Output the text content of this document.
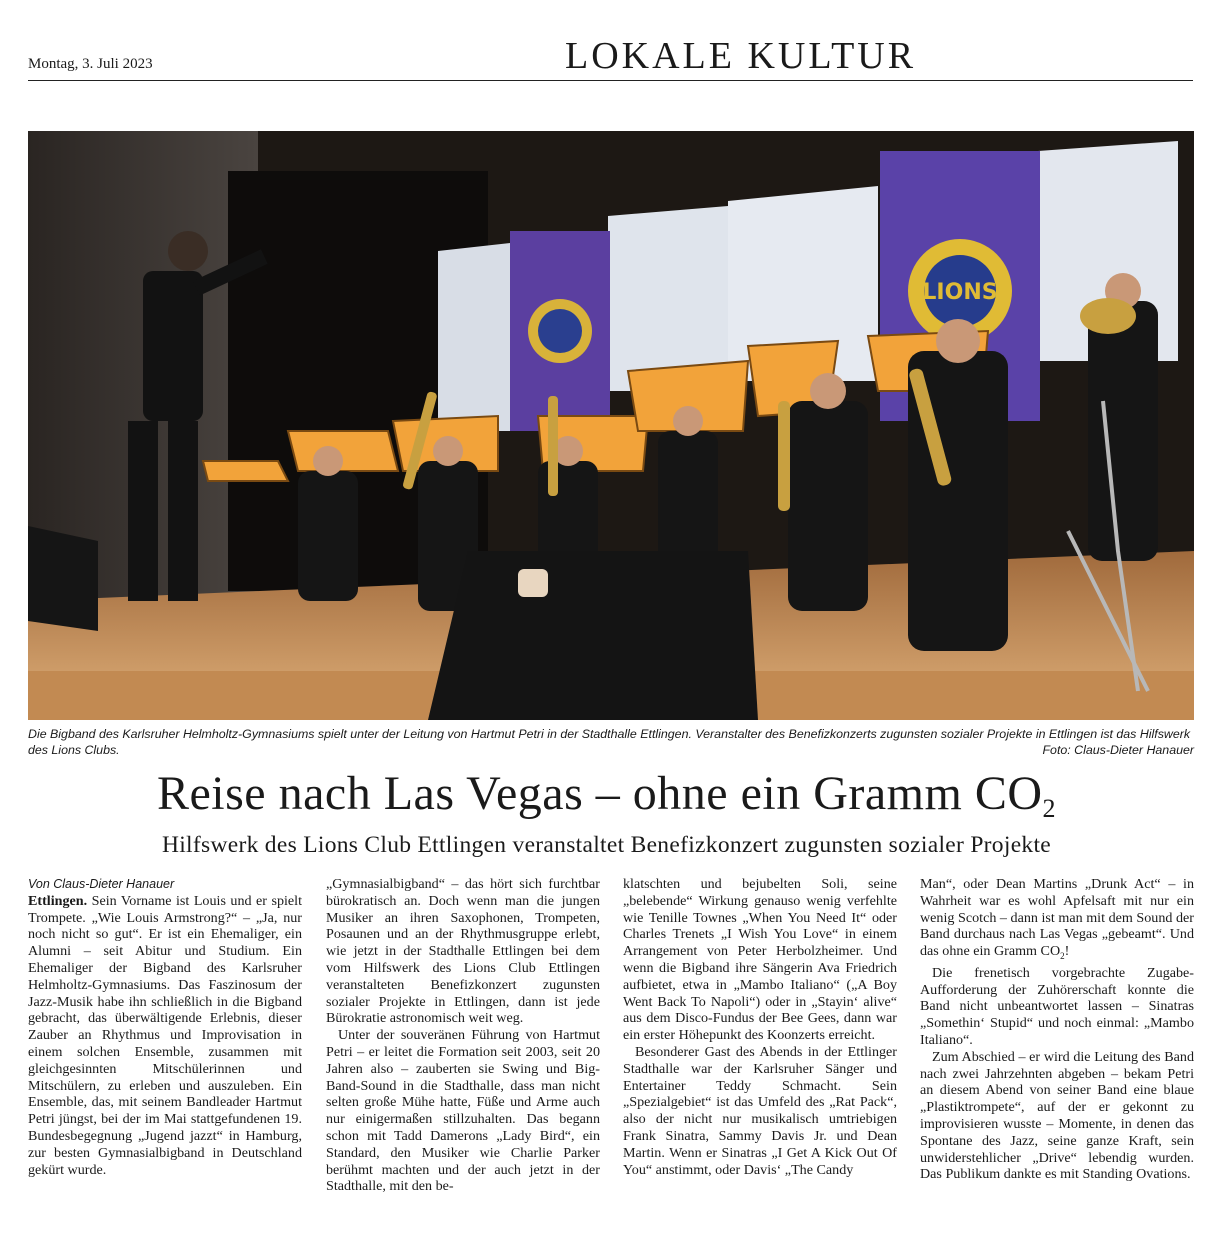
Montag, 3. Juli 2023	LOKALE KULTUR
LIONS
Die Bigband des Karlsruher Helmholtz-Gymnasiums spielt unter der Leitung von Hartmut Petri in der Stadthalle Ettlingen. Veranstalter des Benefizkonzerts zugunsten sozialer Projekte in Ettlingen ist das Hilfswerk des Lions Clubs.	Foto: Claus-Dieter Hanauer
Reise nach Las Vegas – ohne ein Gramm $CO_2$
Hilfswerk des Lions Club Ettlingen veranstaltet Benefizkonzert zugunsten sozialer Projekte

Von Claus-Dieter Hanauer

Ettlingen. Sein Vorname ist Louis und er spielt Trompete. „Wie Louis Armstrong?“ – „Ja, nur noch nicht so gut“. Er ist ein Ehemaliger, ein Alumni – seit Abitur und Studium. Ein Ehemaliger der Bigband des Karlsruher Helmholtz-Gymnasiums. Das Faszinosum der Jazz-Musik habe ihn schließlich in die Bigband gebracht, das überwältigende Erlebnis, dieser Zauber an Rhythmus und Improvisation in einem solchen Ensemble, zusammen mit gleichgesinnten Mitschülerinnen und Mitschülern, zu erleben und auszuleben. Ein Ensemble, das, mit seinem Bandleader Hartmut Petri jüngst, bei der im Mai stattgefundenen 19. Bundesbegegnung „Jugend jazzt“ in Hamburg, zur besten Gymnasialbigband in Deutschland gekürt wurde.

„Gymnasialbigband“ – das hört sich furchtbar bürokratisch an. Doch wenn man die jungen Musiker an ihren Saxophonen, Trompeten, Posaunen und an der Rhythmusgruppe erlebt, wie jetzt in der Stadthalle Ettlingen bei dem vom Hilfswerk des Lions Club Ettlingen veranstalteten Benefizkonzert zugunsten sozialer Projekte in Ettlingen, dann ist jede Bürokratie astronomisch weit weg.

Unter der souveränen Führung von Hartmut Petri – er leitet die Formation seit 2003, seit 20 Jahren also – zauberten sie Swing und Big-Band-Sound in die Stadthalle, dass man nicht selten große Mühe hatte, Füße und Arme auch nur einigermaßen stillzuhalten. Das begann schon mit Tadd Damerons „Lady Bird“, ein Standard, den Musiker wie Charlie Parker berühmt machten und der auch jetzt in der Stadthalle, mit den be-

klatschten und bejubelten Soli, seine „belebende“ Wirkung genauso wenig verfehlte wie Tenille Townes „When You Need It“ oder Charles Trenets „I Wish You Love“ in einem Arrangement von Peter Herbolzheimer. Und wenn die Bigband ihre Sängerin Ava Friedrich aufbietet, etwa in „Mambo Italiano“ („A Boy Went Back To Napoli“) oder in „Stayin‘ alive“ aus dem Disco-Fundus der Bee Gees, dann war ein erster Höhepunkt des Koonzerts erreicht.

Besonderer Gast des Abends in der Ettlinger Stadthalle war der Karlsruher Sänger und Entertainer Teddy Schmacht. Sein „Spezialgebiet“ ist das Umfeld des „Rat Pack“, also der nicht nur musikalisch umtriebigen Frank Sinatra, Sammy Davis Jr. und Dean Martin. Wenn er Sinatras „I Get A Kick Out Of You“ anstimmt, oder Davis‘ „The Candy

Man“, oder Dean Martins „Drunk Act“ – in Wahrheit war es wohl Apfelsaft mit nur ein wenig Scotch – dann ist man mit dem Sound der Band durchaus nach Las Vegas „gebeamt“. Und das ohne ein Gramm $CO_2$!

Die frenetisch vorgebrachte Zugabe-Aufforderung der Zuhörerschaft konnte die Band nicht unbeantwortet lassen – Sinatras „Somethin‘ Stupid“ und noch einmal: „Mambo Italiano“.

Zum Abschied – er wird die Leitung des Band nach zwei Jahrzehnten abgeben – bekam Petri an diesem Abend von seiner Band eine blaue „Plastiktrompete“, auf der er gekonnt zu improvisieren wusste – Momente, in denen das Spontane des Jazz, seine ganze Kraft, sein unwiderstehlicher „Drive“ lebendig wurden. Das Publikum dankte es mit Standing Ovations.
